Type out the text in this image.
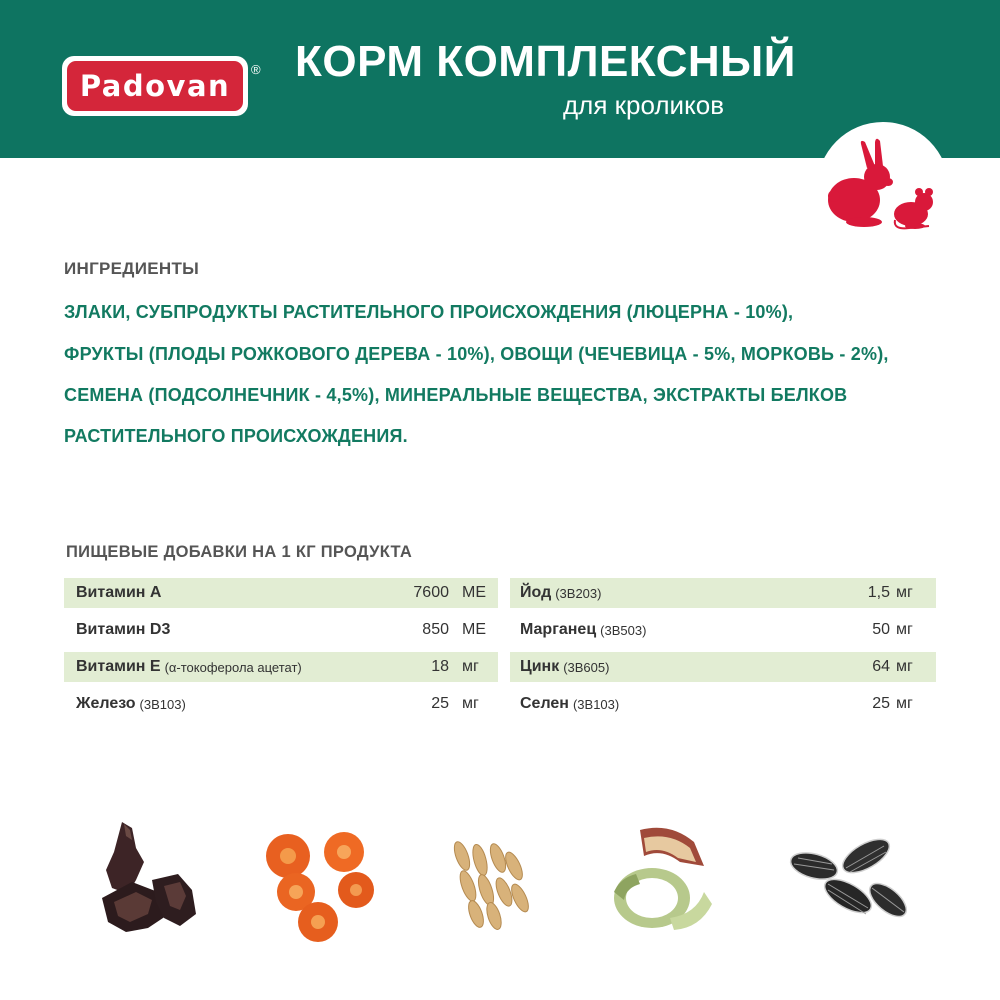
Padovan ® КОРМ КОМПЛЕКСНЫЙ
для кроликов
ИНГРЕДИЕНТЫ
ЗЛАКИ, СУБПРОДУКТЫ РАСТИТЕЛЬНОГО ПРОИСХОЖДЕНИЯ (ЛЮЦЕРНА - 10%),
ФРУКТЫ (ПЛОДЫ РОЖКОВОГО ДЕРЕВА - 10%), ОВОЩИ (ЧЕЧЕВИЦА - 5%, МОРКОВЬ - 2%),
СЕМЕНА (ПОДСОЛНЕЧНИК - 4,5%), МИНЕРАЛЬНЫЕ ВЕЩЕСТВА, ЭКСТРАКТЫ БЕЛКОВ
РАСТИТЕЛЬНОГО ПРОИСХОЖДЕНИЯ.
ПИЩЕВЫЕ ДОБАВКИ НА 1 КГ ПРОДУКТА
Витамин A	7600 МЕ
Витамин D3	850 МЕ
Витамин E (α-токоферола ацетат)	18 мг
Железо (3B103)	25 мг
Йод (3B203)	1,5 мг
Марганец (3B503)	50 мг
Цинк (3B605)	64 мг
Селен (3B103)	25 мг
